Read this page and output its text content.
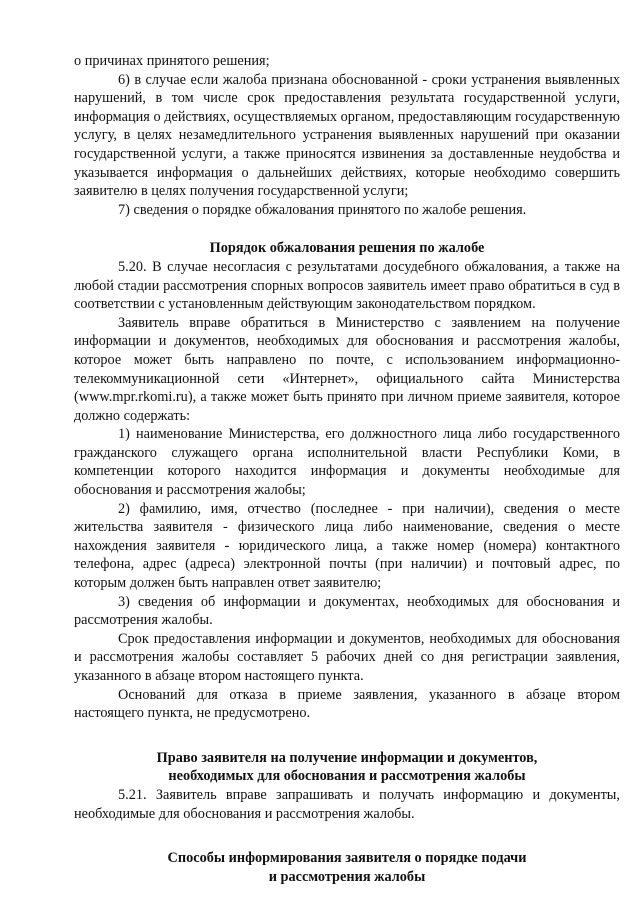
о причинах принятого решения;

6) в случае если жалоба признана обоснованной - сроки устранения выявленных нарушений, в том числе срок предоставления результата государственной услуги, информация о действиях, осуществляемых органом, предоставляющим государственную услугу, в целях незамедлительного устранения выявленных нарушений при оказании государственной услуги, а также приносятся извинения за доставленные неудобства и указывается информация о дальнейших действиях, которые необходимо совершить заявителю в целях получения государственной услуги;

7) сведения о порядке обжалования принятого по жалобе решения.

Порядок обжалования решения по жалобе

5.20. В случае несогласия с результатами досудебного обжалования, а также на любой стадии рассмотрения спорных вопросов заявитель имеет право обратиться в суд в соответствии с установленным действующим законодательством порядком.

Заявитель вправе обратиться в Министерство с заявлением на получение информации и документов, необходимых для обоснования и рассмотрения жалобы, которое может быть направлено по почте, с использованием информационно-телекоммуникационной сети «Интернет», официального сайта Министерства (www.mpr.rkomi.ru), а также может быть принято при личном приеме заявителя, которое должно содержать:

1) наименование Министерства, его должностного лица либо государственного гражданского служащего органа исполнительной власти Республики Коми, в компетенции которого находится информация и документы необходимые для обоснования и рассмотрения жалобы;

2) фамилию, имя, отчество (последнее - при наличии), сведения о месте жительства заявителя - физического лица либо наименование, сведения о месте нахождения заявителя - юридического лица, а также номер (номера) контактного телефона, адрес (адреса) электронной почты (при наличии) и почтовый адрес, по которым должен быть направлен ответ заявителю;

3) сведения об информации и документах, необходимых для обоснования и рассмотрения жалобы.

Срок предоставления информации и документов, необходимых для обоснования и рассмотрения жалобы составляет 5 рабочих дней со дня регистрации заявления, указанного в абзаце втором настоящего пункта.

Оснований для отказа в приеме заявления, указанного в абзаце втором настоящего пункта, не предусмотрено.

Право заявителя на получение информации и документов,

необходимых для обоснования и рассмотрения жалобы

5.21. Заявитель вправе запрашивать и получать информацию и документы, необходимые для обоснования и рассмотрения жалобы.

Способы информирования заявителя о порядке подачи

и рассмотрения жалобы
